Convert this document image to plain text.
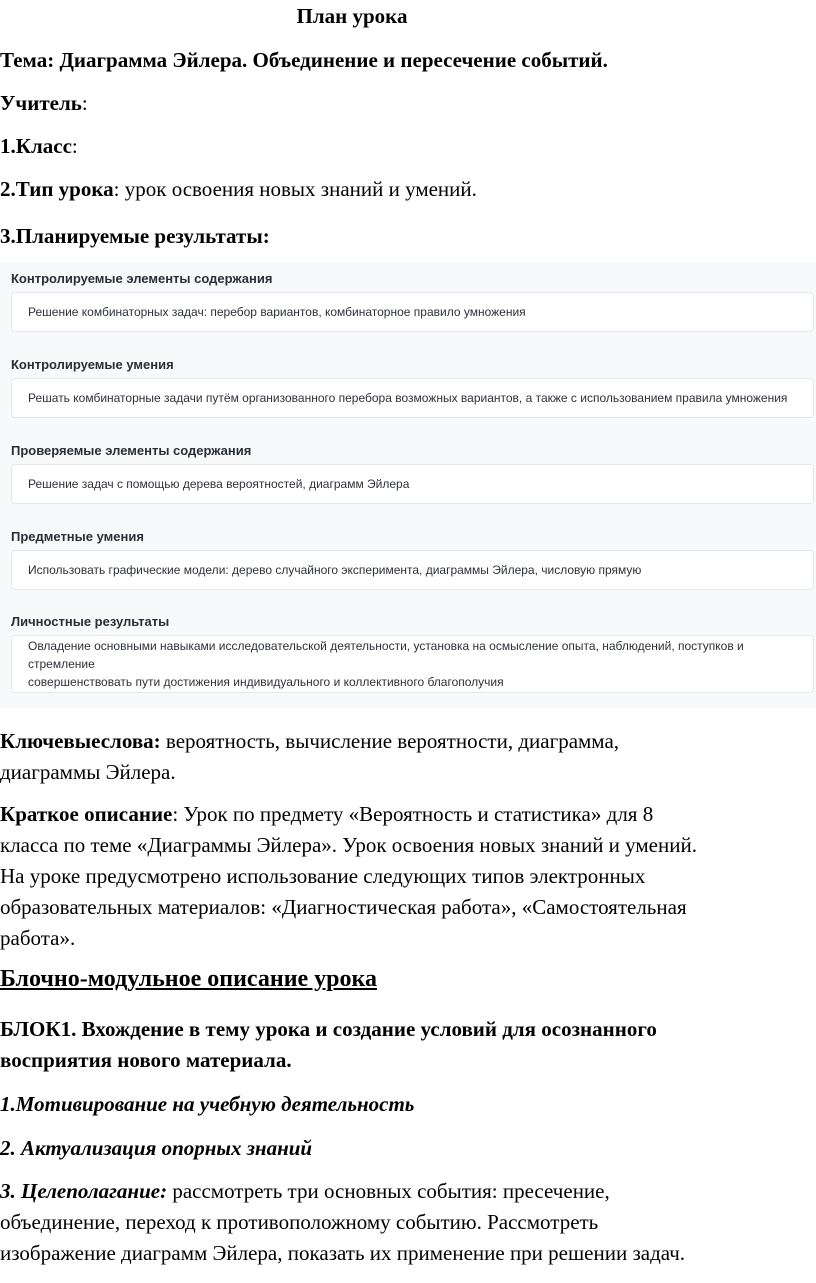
План урока

Тема: Диаграмма Эйлера. Объединение и пересечение событий.

Учитель:

1.Класс:

2.Тип урока: урок освоения новых знаний и умений.

3.Планируемые результаты:

Контролируемые элементы содержания
Решение комбинаторных задач: перебор вариантов, комбинаторное правило умножения
Контролируемые умения
Решать комбинаторные задачи путём организованного перебора возможных вариантов, а также с использованием правила умножения
Проверяемые элементы содержания
Решение задач с помощью дерева вероятностей, диаграмм Эйлера
Предметные умения
Использовать графические модели: дерево случайного эксперимента, диаграммы Эйлера, числовую прямую
Личностные результаты
Овладение основными навыками исследовательской деятельности, установка на осмысление опыта, наблюдений, поступков и стремление
совершенствовать пути достижения индивидуального и коллективного благополучия
Ключевыеслова: вероятность, вычисление вероятности, диаграмма,
диаграммы Эйлера.
Краткое описание: Урок по предмету «Вероятность и статистика» для 8
класса по теме «Диаграммы Эйлера». Урок освоения новых знаний и умений.
На уроке предусмотрено использование следующих типов электронных
образовательных материалов: «Диагностическая работа», «Самостоятельная
работа».

Блочно-модульное описание урока

БЛОК1. Вхождение в тему урока и создание условий для осознанного
восприятия нового материала.

1.Мотивирование на учебную деятельность

2. Актуализация опорных знаний

3. Целеполагание: рассмотреть три основных события: пресечение,
объединение, переход к противоположному событию. Рассмотреть
изображение диаграмм Эйлера, показать их применение при решении задач.
